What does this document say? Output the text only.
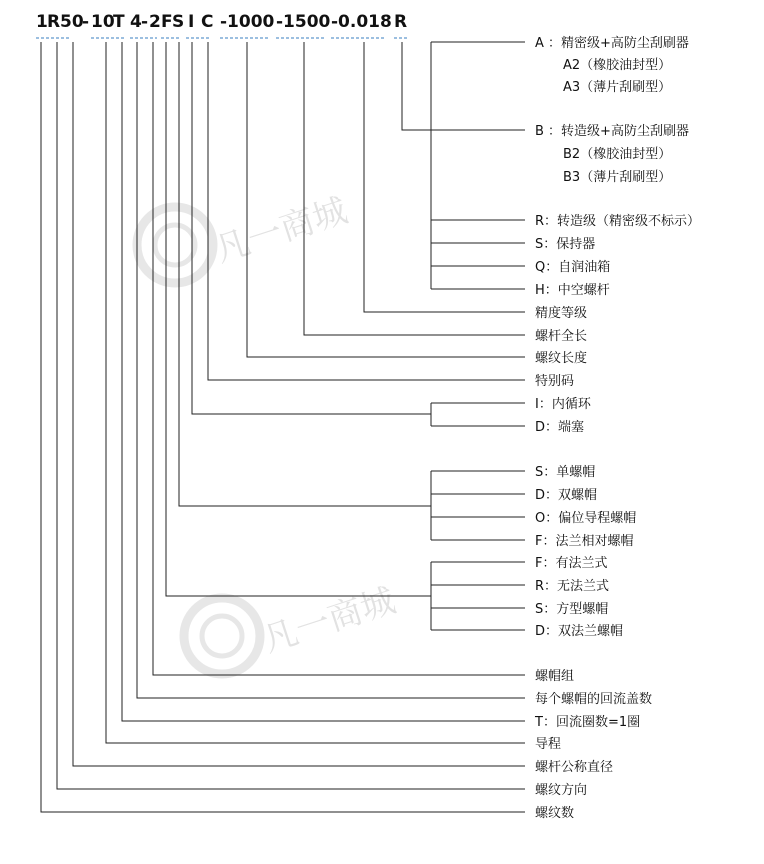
凡一商城
凡一商城
1 R 50
- 10
T 4 - 2 F S I C -1000 -1500 -0.018 R
A ：精密级+高防尘刮刷器
A2（橡胶油封型）
A3（薄片刮刷型）
B ：转造级+高防尘刮刷器
B2（橡胶油封型）
B3（薄片刮刷型）
R：转造级（精密级不标示）
S：保持器
Q：自润油箱
H：中空螺杆
精度等级
螺杆全长
螺纹长度
特别码
I：内循环
D：端塞
S：单螺帽
D：双螺帽
O：偏位导程螺帽
F：法兰相对螺帽
F：有法兰式
R：无法兰式
S：方型螺帽
D：双法兰螺帽
螺帽组
每个螺帽的回流盖数
T：回流圈数=1圈
导程
螺杆公称直径
螺纹方向
螺纹数
